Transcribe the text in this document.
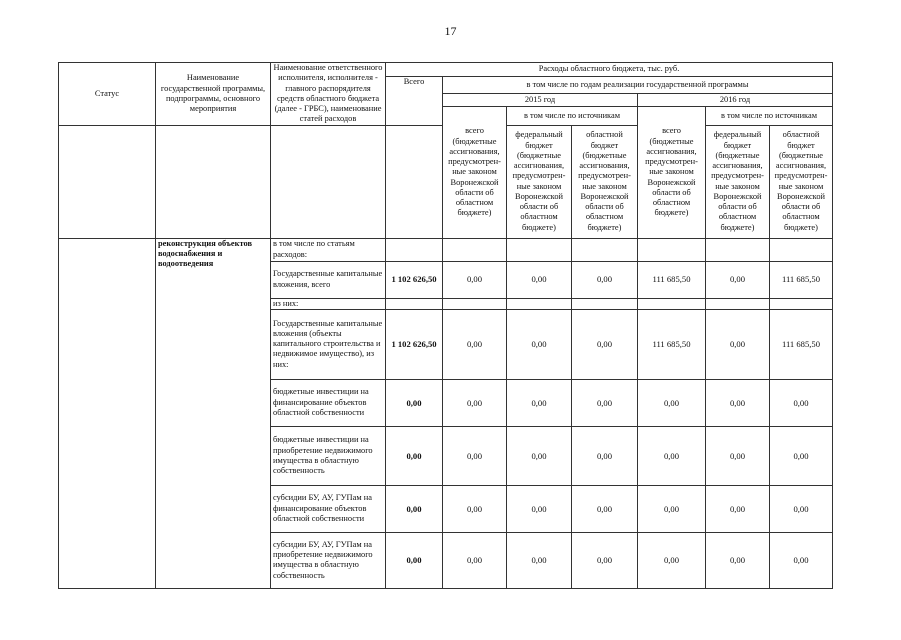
17
Статус	Наименование государственной программы, подпрограммы, основного мероприятия	Наименование ответственного исполнителя, исполнителя - главного распорядителя средств областного бюджета (далее - ГРБС), наименование статей расходов	Расходы областного бюджета, тыс. руб.						
			Всего	в том числе по годам реализации государственной программы					
				2015 год			2016 год		
				всего (бюджетные ассигнования, предусмотрен-ные законом Воронежской области об областном бюджете)	в том числе по источникам		всего (бюджетные ассигнования, предусмотрен-ные законом Воронежской области об областном бюджете)	в том числе по источникам	
					федеральный бюджет (бюджетные ассигнования, предусмотрен-ные законом Воронежской области об областном бюджете)	областной бюджет (бюджетные ассигнования, предусмотрен-ные законом Воронежской области об областном бюджете)		федеральный бюджет (бюджетные ассигнования, предусмотрен-ные законом Воронежской области об областном бюджете)	областной бюджет (бюджетные ассигнования, предусмотрен-ные законом Воронежской области об областном бюджете)
	реконструкция объектов водоснабжения и водоотведения	в том числе по статьям расходов:							
		Государственные капитальные вложения, всего	1 102 626,50	0,00	0,00	0,00	111 685,50	0,00	111 685,50
		из них:							
		Государственные капитальные вложения (объекты капитального строительства и недвижимое имущество), из них:	1 102 626,50	0,00	0,00	0,00	111 685,50	0,00	111 685,50
		бюджетные инвестиции на финансирование объектов областной собственности	0,00	0,00	0,00	0,00	0,00	0,00	0,00
		бюджетные инвестиции на приобретение недвижимого имущества в областную собственность	0,00	0,00	0,00	0,00	0,00	0,00	0,00
		субсидии БУ, АУ, ГУПам на финансирование объектов областной собственности	0,00	0,00	0,00	0,00	0,00	0,00	0,00
		субсидии БУ, АУ, ГУПам на приобретение недвижимого имущества в областную собственность	0,00	0,00	0,00	0,00	0,00	0,00	0,00
